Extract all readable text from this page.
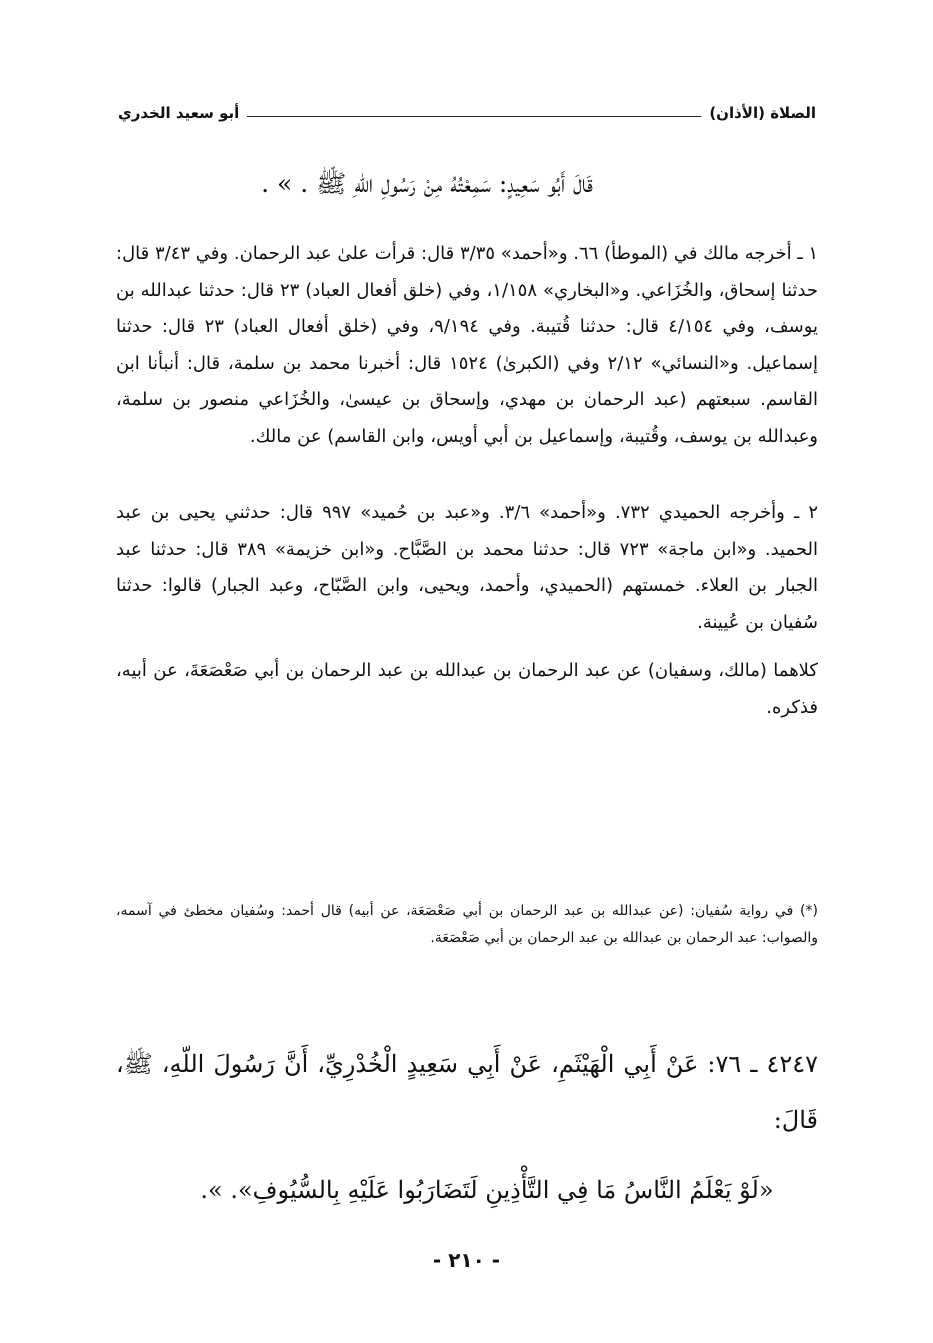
الصلاة (الأذان)
أبو سعيد الخدري
قَالَ أَبُو سَعِيدٍ: سَمِعْتُهُ مِنْ رَسُولِ اللّهِ ﷺ . » .

١ ـ أخرجه مالك في (الموطأ) ٦٦. و«أحمد» ٣/٣٥ قال: قرأت علىٰ عبد الرحمان. وفي ٣/٤٣ قال: حدثنا إسحاق، والخُزَاعي. و«البخاري» ١/١٥٨، وفي (خلق أفعال العباد) ٢٣ قال: حدثنا عبدالله بن يوسف، وفي ٤/١٥٤ قال: حدثنا قُتيبة. وفي ٩/١٩٤، وفي (خلق أفعال العباد) ٢٣ قال: حدثنا إسماعيل. و«النسائي» ٢/١٢ وفي (الكبرىٰ) ١٥٢٤ قال: أخبرنا محمد بن سلمة، قال: أنبأنا ابن القاسم. سبعتهم (عبد الرحمان بن مهدي، وإسحاق بن عيسىٰ، والخُزَاعي منصور بن سلمة، وعبدالله بن يوسف، وقُتيبة، وإسماعيل بن أبي أويس، وابن القاسم) عن مالك.

٢ ـ وأخرجه الحميدي ٧٣٢. و«أحمد» ٣/٦. و«عبد بن حُميد» ٩٩٧ قال: حدثني يحيى بن عبد الحميد. و«ابن ماجة» ٧٢٣ قال: حدثنا محمد بن الصَّبَّاح. و«ابن خزيمة» ٣٨٩ قال: حدثنا عبد الجبار بن العلاء. خمستهم (الحميدي، وأحمد، ويحيى، وابن الصَّبّاح، وعبد الجبار) قالوا: حدثنا سُفيان بن عُيينة.

كلاهما (مالك، وسفيان) عن عبد الرحمان بن عبدالله بن عبد الرحمان بن أبي صَعْصَعَةَ، عن أبيه، فذكره.

(*) في رواية سُفيان: (عن عبدالله بن عبد الرحمان بن أبي صَعْصَعَة، عن أبيه) قال أحمد: وسُفيان مخطئ في آسمه، والصواب: عبد الرحمان بن عبدالله بن عبد الرحمان بن أبي صَعْصَعَة.
٤٢٤٧ ـ ٧٦: عَنْ أَبِي الْهَيْثَمِ، عَنْ أَبِي سَعِيدٍ الْخُدْرِيِّ، أَنَّ رَسُولَ اللّهِ، ﷺ، قَالَ:
«لَوْ يَعْلَمُ النَّاسُ مَا فِي التَّأْذِينِ لَتَضَارَبُوا عَلَيْهِ بِالسُّيُوفِ». ».
- ٢١٠ -
